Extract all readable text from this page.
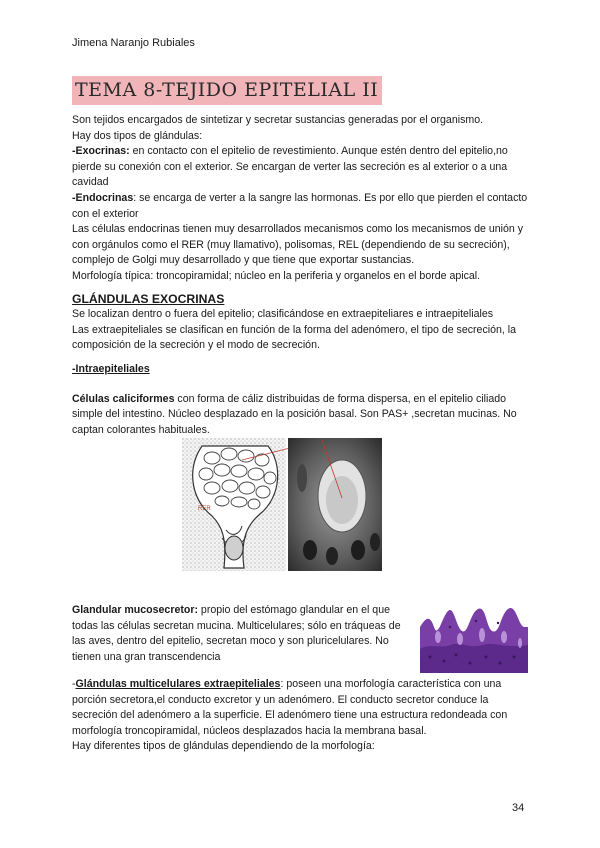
Jimena Naranjo Rubiales
TEMA 8-TEJIDO EPITELIAL II

Son tejidos encargados de sintetizar y secretar sustancias generadas por el organismo.

Hay dos tipos de glándulas:

-Exocrinas: en contacto con el epitelio de revestimiento. Aunque estén dentro del epitelio,no pierde su conexión con el exterior. Se encargan de verter las secreción es al exterior o a una cavidad

-Endocrinas: se encarga de verter a la sangre las hormonas. Es por ello que pierden el contacto con el exterior

Las células endocrinas tienen muy desarrollados mecanismos como los mecanismos de unión y con orgánulos como el RER (muy llamativo), polisomas, REL (dependiendo de su secreción), complejo de Golgi muy desarrollado y que tiene que exportar sustancias.

Morfología típica: troncopiramidal; núcleo en la periferia y organelos en el borde apical.

GLÁNDULAS EXOCRINAS

Se localizan dentro o fuera del epitelio; clasificándose en extraepiteliares e intraepiteliales

Las extraepiteliales se clasifican en función de la forma del adenómero, el tipo de secreción, la composición de la secreción y el modo de secreción.

-Intraepiteliales

Células caliciformes con forma de cáliz distribuidas de forma dispersa, en el epitelio ciliado simple del intestino. Núcleo desplazado en la posición basal. Son PAS+ ,secretan mucinas. No captan colorantes habituales.

RER

Glandular mucosecretor: propio del estómago glandular en el que todas las células secretan mucina. Multicelulares; sólo en tráqueas de las aves, dentro del epitelio, secretan moco y son pluricelulares. No tienen una gran transcendencia

-Glándulas multicelulares extraepiteliales: poseen una morfología característica con una porción secretora,el conducto excretor y un adenómero. El conducto secretor conduce la secreción del adenómero a la superficie. El adenómero tiene una estructura redondeada con morfología troncopiramidal, núcleos desplazados hacia la membrana basal.

Hay diferentes tipos de glándulas dependiendo de la morfología:

34
